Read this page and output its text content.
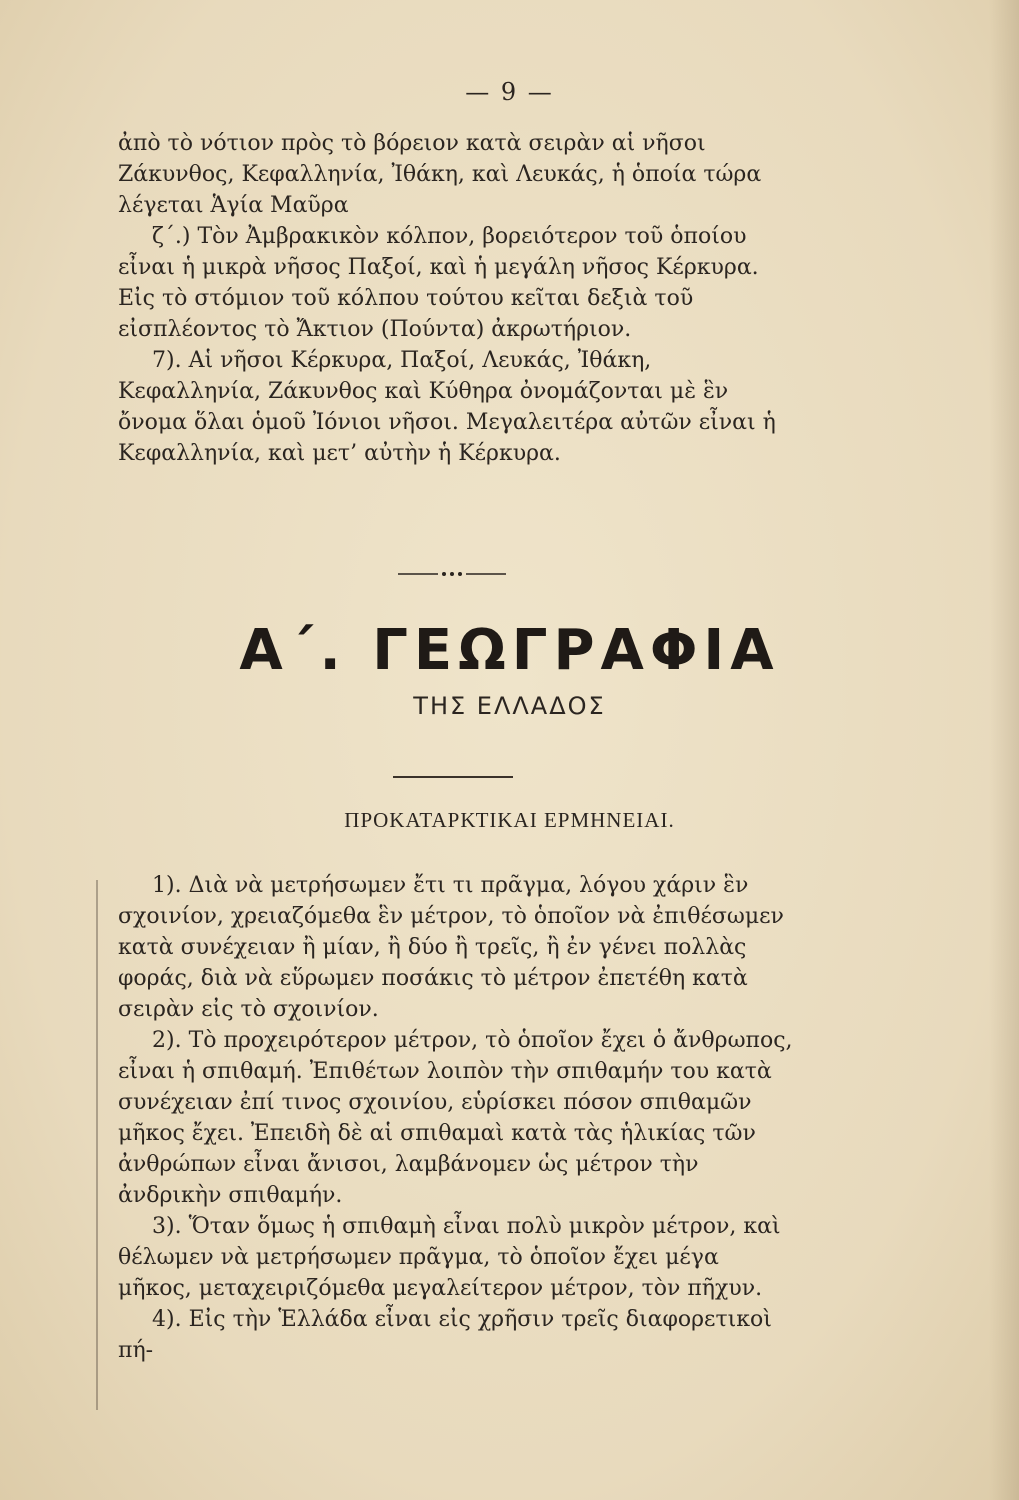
— 9 —

ἀπὸ τὸ νότιον πρὸς τὸ βόρειον κατὰ σειρὰν αἱ νῆσοι Ζάκυνθος, Κεφαλληνία, Ἰθάκη, καὶ Λευκάς, ἡ ὁποία τώρα λέγεται Ἁγία Μαῦρα

ζ΄.) Τὸν Ἀμβρακικὸν κόλπον, βορειότερον τοῦ ὁποίου εἶναι ἡ μικρὰ νῆσος Παξοί, καὶ ἡ μεγάλη νῆσος Κέρκυρα. Εἰς τὸ στόμιον τοῦ κόλπου τούτου κεῖται δεξιὰ τοῦ εἰσπλέοντος τὸ Ἄκτιον (Πούντα) ἀκρωτήριον.

7). Αἱ νῆσοι Κέρκυρα, Παξοί, Λευκάς, Ἰθάκη, Κεφαλληνία, Ζάκυνθος καὶ Κύθηρα ὀνομάζονται μὲ ἓν ὄνομα ὅλαι ὁμοῦ Ἰόνιοι νῆσοι. Μεγαλειτέρα αὐτῶν εἶναι ἡ Κεφαλληνία, καὶ μετ’ αὐτὴν ἡ Κέρκυρα.

Α΄. ΓΕΩΓΡΑΦΙΑ
ΤΗΣ ΕΛΛΑΔΟΣ
ΠΡΟΚΑΤΑΡΚΤΙΚΑΙ ΕΡΜΗΝΕΙΑΙ.

1). Διὰ νὰ μετρήσωμεν ἔτι τι πρᾶγμα, λόγου χάριν ἓν σχοινίον, χρειαζόμεθα ἓν μέτρον, τὸ ὁποῖον νὰ ἐπιθέσωμεν κατὰ συνέχειαν ἢ μίαν, ἢ δύο ἢ τρεῖς, ἢ ἐν γένει πολλὰς φοράς, διὰ νὰ εὕρωμεν ποσάκις τὸ μέτρον ἐπετέθη κατὰ σειρὰν εἰς τὸ σχοινίον.

2). Τὸ προχειρότερον μέτρον, τὸ ὁποῖον ἔχει ὁ ἄνθρωπος, εἶναι ἡ σπιθαμή. Ἐπιθέτων λοιπὸν τὴν σπιθαμήν του κατὰ συνέχειαν ἐπί τινος σχοινίου, εὑρίσκει πόσον σπιθαμῶν μῆκος ἔχει. Ἐπειδὴ δὲ αἱ σπιθαμαὶ κατὰ τὰς ἡλικίας τῶν ἀνθρώπων εἶναι ἄνισοι, λαμβάνομεν ὡς μέτρον τὴν ἀνδρικὴν σπιθαμήν.

3). Ὅταν ὅμως ἡ σπιθαμὴ εἶναι πολὺ μικρὸν μέτρον, καὶ θέλωμεν νὰ μετρήσωμεν πρᾶγμα, τὸ ὁποῖον ἔχει μέγα μῆκος, μεταχειριζόμεθα μεγαλείτερον μέτρον, τὸν πῆχυν.

4). Εἰς τὴν Ἑλλάδα εἶναι εἰς χρῆσιν τρεῖς διαφορετικοὶ πή-
